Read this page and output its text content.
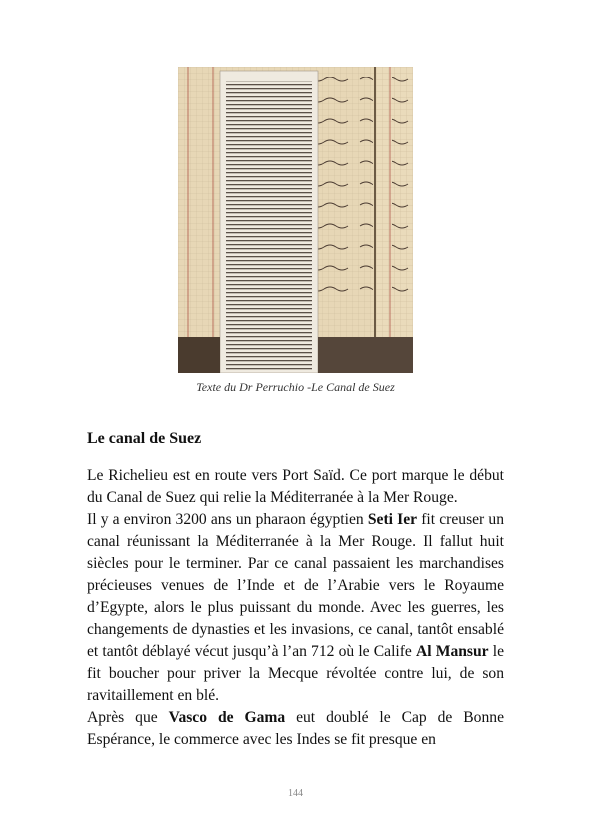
Texte du Dr Perruchio -Le Canal de Suez
Le canal de Suez

Le Richelieu est en route vers Port Saïd. Ce port marque le début du Canal de Suez qui relie la Méditerranée à la Mer Rouge.

Il y a environ 3200 ans un pharaon égyptien Seti Ier fit creuser un canal réunissant la Méditerranée à la Mer Rouge. Il fallut huit siècles pour le terminer. Par ce canal passaient les marchandises précieuses venues de l’Inde et de l’Arabie vers le Royaume d’Egypte, alors le plus puissant du monde. Avec les guerres, les changements de dynasties et les invasions, ce canal, tantôt ensablé et tantôt déblayé vécut jusqu’à l’an 712 où le Calife Al Mansur le fit boucher pour priver la Mecque révoltée contre lui, de son ravitaillement en blé.

Après que Vasco de Gama eut doublé le Cap de Bonne Espérance, le commerce avec les Indes se fit presque en

144
